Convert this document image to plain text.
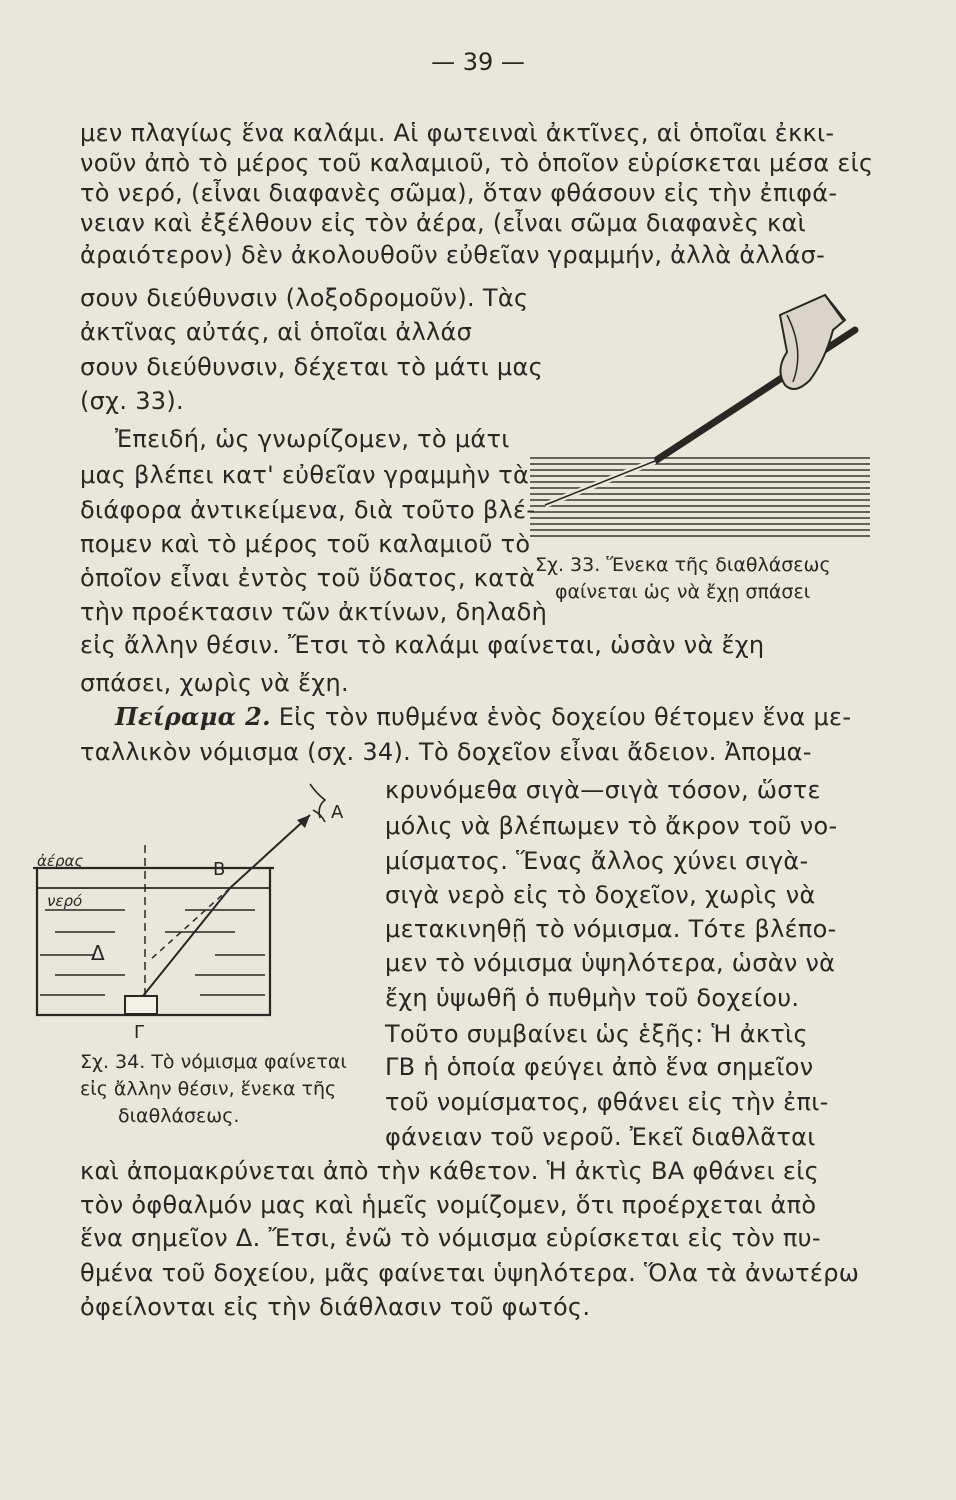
— 39 —
μεν πλαγίως ἕνα καλάμι. Αἱ φωτειναὶ ἀκτῖνες, αἱ ὁποῖαι ἐκκι-
νοῦν ἀπὸ τὸ μέρος τοῦ καλαμιοῦ, τὸ ὁποῖον εὑρίσκεται μέσα εἰς
τὸ νερό, (εἶναι διαφανὲς σῶμα), ὅταν φθάσουν εἰς τὴν ἐπιφά-
νειαν καὶ ἐξέλθουν εἰς τὸν ἀέρα, (εἶναι σῶμα διαφανὲς καὶ
ἀραιότερον) δὲν ἀκολουθοῦν εὐθεῖαν γραμμήν, ἀλλὰ ἀλλάσ-
σουν διεύθυνσιν (λοξοδρομοῦν). Τὰς
ἀκτῖνας αὐτάς, αἱ ὁποῖαι ἀλλάσ
σουν διεύθυνσιν, δέχεται τὸ μάτι μας
(σχ. 33).
Ἐπειδή, ὡς γνωρίζομεν, τὸ μάτι
μας βλέπει κατ' εὐθεῖαν γραμμὴν τὰ
διάφορα ἀντικείμενα, διὰ τοῦτο βλέ-
πομεν καὶ τὸ μέρος τοῦ καλαμιοῦ τὸ
ὁποῖον εἶναι ἐντὸς τοῦ ὕδατος, κατὰ
τὴν προέκτασιν τῶν ἀκτίνων, δηλαδὴ
εἰς ἄλλην θέσιν. Ἔτσι τὸ καλάμι φαίνεται, ὡσὰν νὰ ἔχη
σπάσει, χωρὶς νὰ ἔχη.
Πείραμα 2. Εἰς τὸν πυθμένα ἑνὸς δοχείου θέτομεν ἕνα με-
ταλλικὸν νόμισμα (σχ. 34). Τὸ δοχεῖον εἶναι ἄδειον. Ἀπομα-
κρυνόμεθα σιγὰ—σιγὰ τόσον, ὥστε
μόλις νὰ βλέπωμεν τὸ ἄκρον τοῦ νο-
μίσματος. Ἕνας ἄλλος χύνει σιγὰ-
σιγὰ νερὸ εἰς τὸ δοχεῖον, χωρὶς νὰ
μετακινηθῇ τὸ νόμισμα. Τότε βλέπο-
μεν τὸ νόμισμα ὑψηλότερα, ὡσὰν νὰ
ἔχη ὑψωθῆ ὁ πυθμὴν τοῦ δοχείου.
Τοῦτο συμβαίνει ὡς ἑξῆς: Ἡ ἀκτὶς
ΓΒ ἡ ὁποία φεύγει ἀπὸ ἕνα σημεῖον
τοῦ νομίσματος, φθάνει εἰς τὴν ἐπι-
φάνειαν τοῦ νεροῦ. Ἐκεῖ διαθλᾶται
καὶ ἀπομακρύνεται ἀπὸ τὴν κάθετον. Ἡ ἀκτὶς ΒΑ φθάνει εἰς
τὸν ὀφθαλμόν μας καὶ ἡμεῖς νομίζομεν, ὅτι προέρχεται ἀπὸ
ἕνα σημεῖον Δ. Ἔτσι, ἐνῶ τὸ νόμισμα εὑρίσκεται εἰς τὸν πυ-
θμένα τοῦ δοχείου, μᾶς φαίνεται ὑψηλότερα. Ὅλα τὰ ἀνωτέρω
ὀφείλονται εἰς τὴν διάθλασιν τοῦ φωτός.
Σχ. 33. Ἕνεκα τῆς διαθλάσεως
φαίνεται ὡς νὰ ἔχῃ σπάσει
Α
ἀέρας
νερό
Β
Δ
Γ
Σχ. 34. Τὸ νόμισμα φαίνεται
εἰς ἄλλην θέσιν, ἕνεκα τῆς
διαθλάσεως.
